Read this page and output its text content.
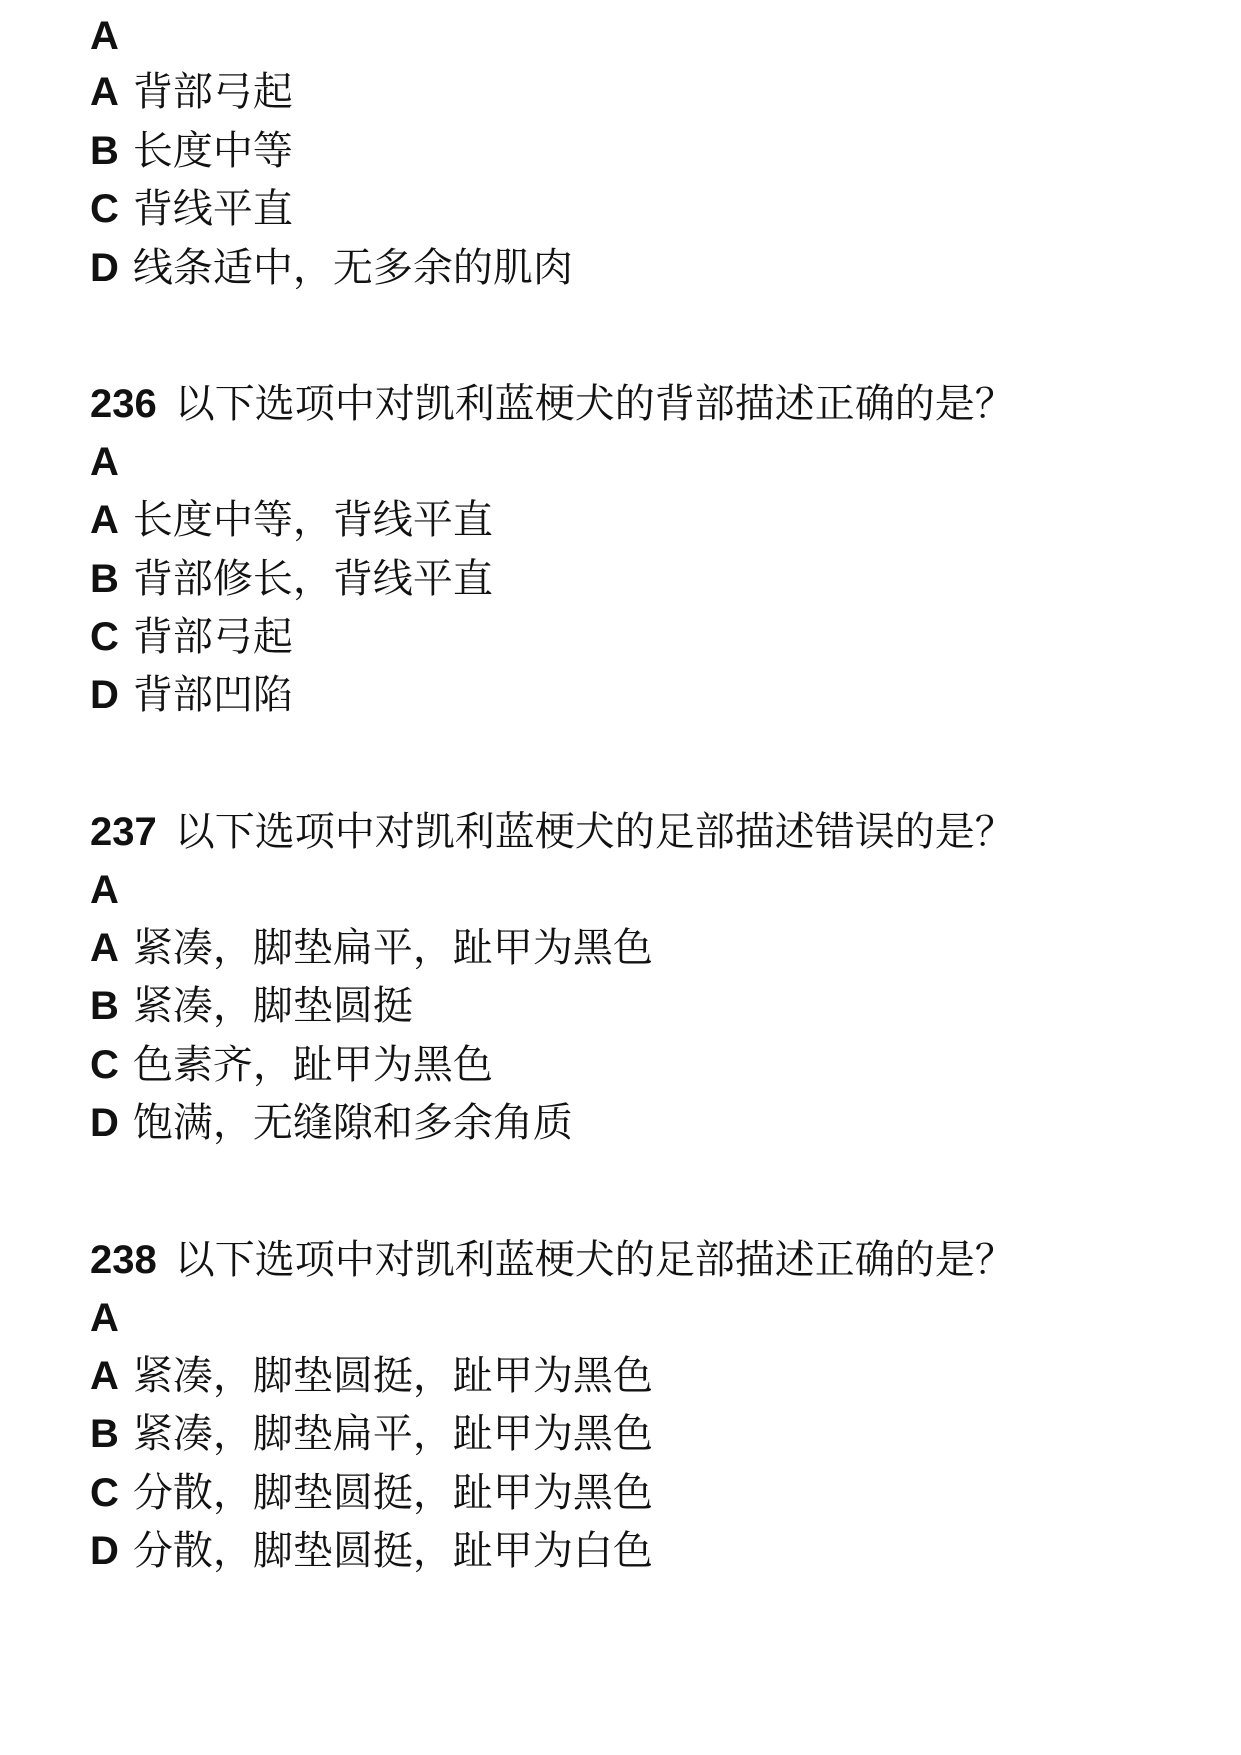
A
A 背部弓起
B 长度中等
C 背线平直
D 线条适中，无多余的肌肉
236 以下选项中对凯利蓝梗犬的背部描述正确的是？
A
A 长度中等，背线平直
B 背部修长，背线平直
C 背部弓起
D 背部凹陷
237 以下选项中对凯利蓝梗犬的足部描述错误的是？
A
A 紧凑，脚垫扁平，趾甲为黑色
B 紧凑，脚垫圆挺
C 色素齐，趾甲为黑色
D 饱满，无缝隙和多余角质
238 以下选项中对凯利蓝梗犬的足部描述正确的是？
A
A 紧凑，脚垫圆挺，趾甲为黑色
B 紧凑，脚垫扁平，趾甲为黑色
C 分散，脚垫圆挺，趾甲为黑色
D 分散，脚垫圆挺，趾甲为白色
